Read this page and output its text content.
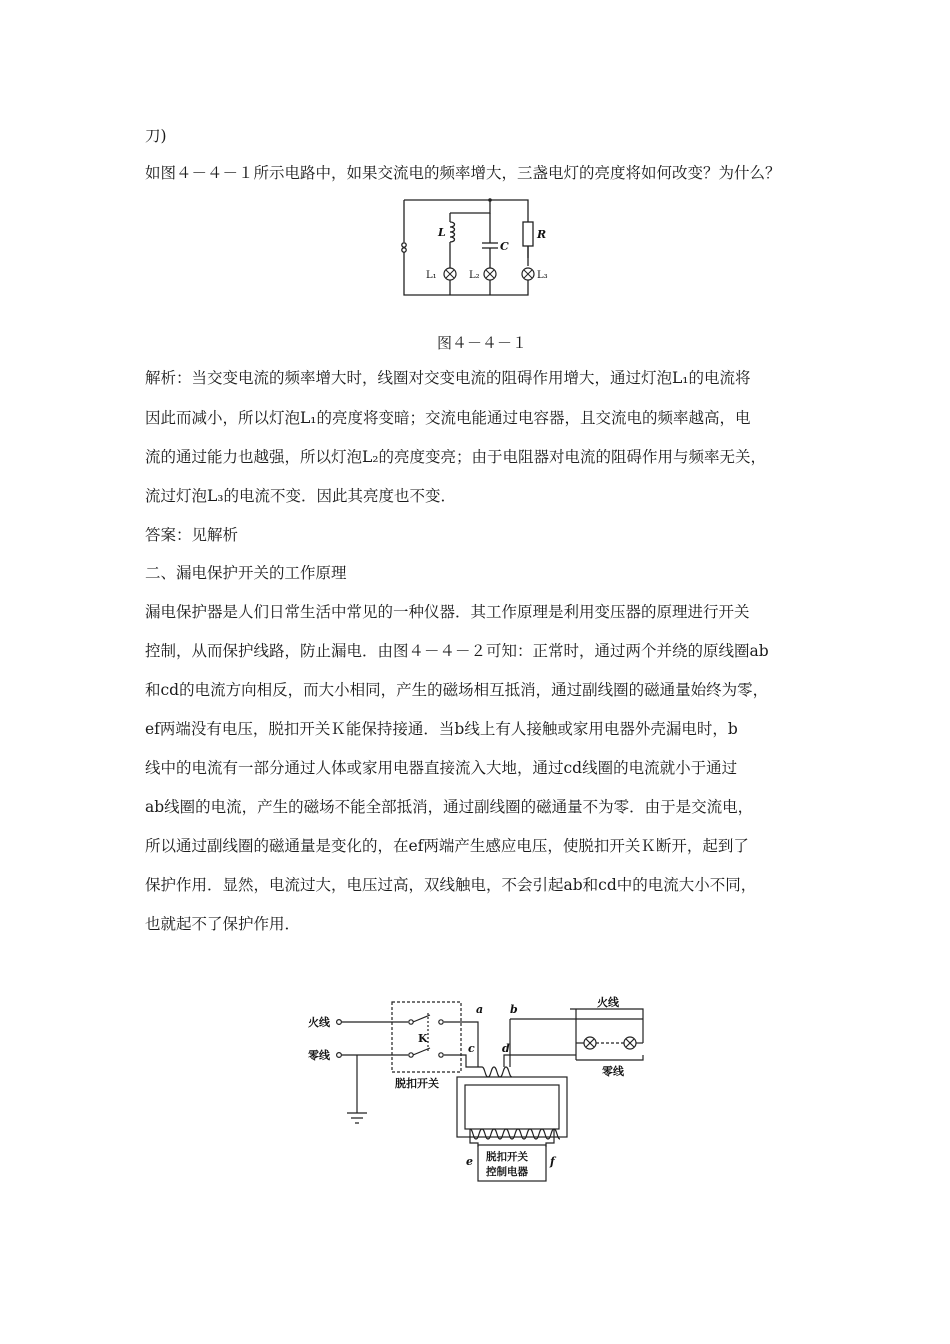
刀)
如图４－４－１所示电路中，如果交流电的频率增大，三盏电灯的亮度将如何改变？为什么？
L
C
R
L₁	L₂	L₃
图４－４－１
解析：当交变电流的频率增大时，线圈对交变电流的阻碍作用增大，通过灯泡L₁的电流将
因此而减小，所以灯泡L₁的亮度将变暗；交流电能通过电容器，且交流电的频率越高，电
流的通过能力也越强，所以灯泡L₂的亮度变亮；由于电阻器对电流的阻碍作用与频率无关，
流过灯泡L₃的电流不变．因此其亮度也不变．
答案：见解析
二、漏电保护开关的工作原理
漏电保护器是人们日常生活中常见的一种仪器．其工作原理是利用变压器的原理进行开关
控制，从而保护线路，防止漏电．由图４－４－２可知：正常时，通过两个并绕的原线圈ab
和cd的电流方向相反，而大小相同，产生的磁场相互抵消，通过副线圈的磁通量始终为零，
ef两端没有电压，脱扣开关Ｋ能保持接通．当b线上有人接触或家用电器外壳漏电时，b
线中的电流有一部分通过人体或家用电器直接流入大地，通过cd线圈的电流就小于通过
ab线圈的电流，产生的磁场不能全部抵消，通过副线圈的磁通量不为零．由于是交流电，
所以通过副线圈的磁通量是变化的，在ef两端产生感应电压，使脱扣开关Ｋ断开，起到了
保护作用．显然，电流过大，电压过高，双线触电，不会引起ab和cd中的电流大小不同，
也就起不了保护作用．
火线
零线
K
脱扣开关
a b
c d
e	f
火线
零线
脱扣开关
控制电器
